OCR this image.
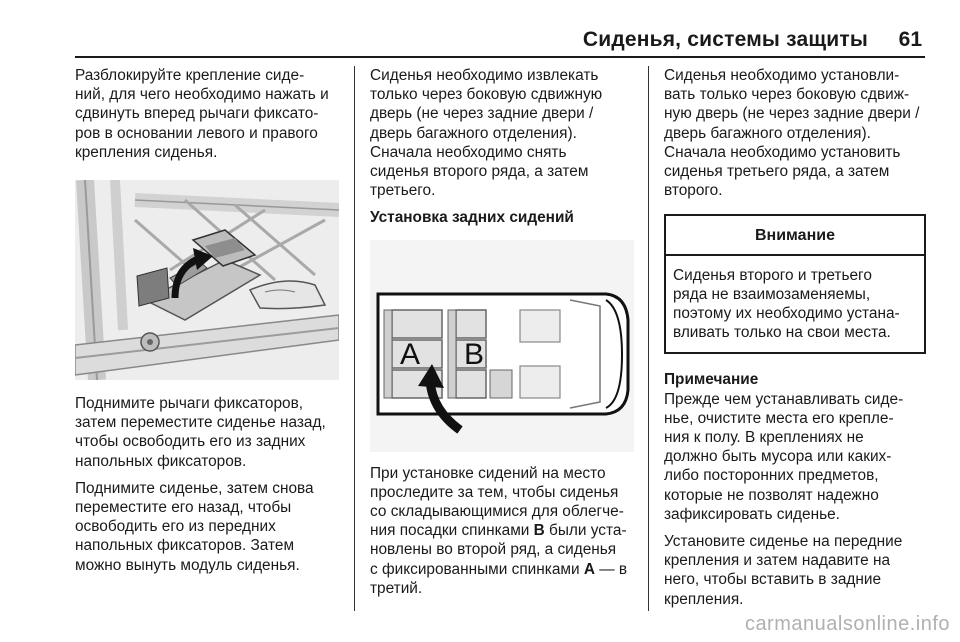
Сиденья, системы защиты 61

Разблокируйте крепление сиде-
ний, для чего необходимо нажать и
сдвинуть вперед рычаги фиксато-
ров в основании левого и правого
крепления сиденья.

Поднимите рычаги фиксаторов,
затем переместите сиденье назад,
чтобы освободить его из задних
напольных фиксаторов.

Поднимите сиденье, затем снова
переместите его назад, чтобы
освободить его из передних
напольных фиксаторов. Затем
можно вынуть модуль сиденья.

Сиденья необходимо извлекать
только через боковую сдвижную
дверь (не через задние двери /
дверь багажного отделения).
Сначала необходимо снять
сиденья второго ряда, а затем
третьего.

Установка задних сидений
A B

При установке сидений на место
проследите за тем, чтобы сиденья
со складывающимися для облегче-
ния посадки спинками B были уста-
новлены во второй ряд, а сиденья
с фиксированными спинками A — в
третий.

Сиденья необходимо установли-
вать только через боковую сдвиж-
ную дверь (не через задние двери /
дверь багажного отделения).
Сначала необходимо установить
сиденья третьего ряда, а затем
второго.

Внимание
Сиденья второго и третьего
ряда не взаимозаменяемы,
поэтому их необходимо устана-
вливать только на свои места.

Примечание
Прежде чем устанавливать сиде-
нье, очистите места его крепле-
ния к полу. В креплениях не
должно быть мусора или каких-
либо посторонних предметов,
которые не позволят надежно
зафиксировать сиденье.

Установите сиденье на передние
крепления и затем надавите на
него, чтобы вставить в задние
крепления.

carmanualsonline.info
